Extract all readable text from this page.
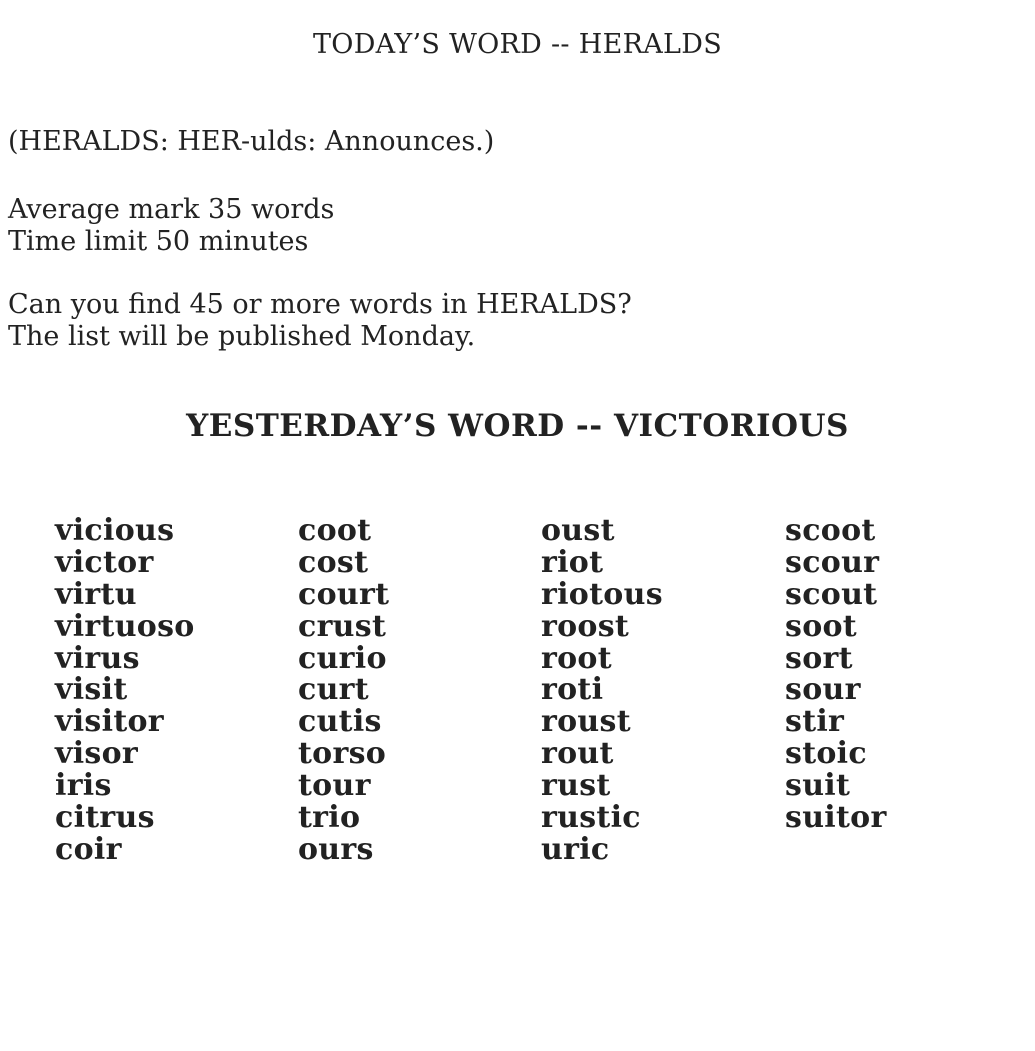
TODAY’S WORD -- HERALDS
(HERALDS: HER-ulds: Announces.)
Average mark 35 words
Time limit 50 minutes
Can you find 45 or more words in HERALDS?
The list will be published Monday.
YESTERDAY’S WORD -- VICTORIOUS
vicious
victor
virtu
virtuoso
virus
visit
visitor
visor
iris
citrus
coir
coot
cost
court
crust
curio
curt
cutis
torso
tour
trio
ours
oust
riot
riotous
roost
root
roti
roust
rout
rust
rustic
uric
scoot
scour
scout
soot
sort
sour
stir
stoic
suit
suitor
